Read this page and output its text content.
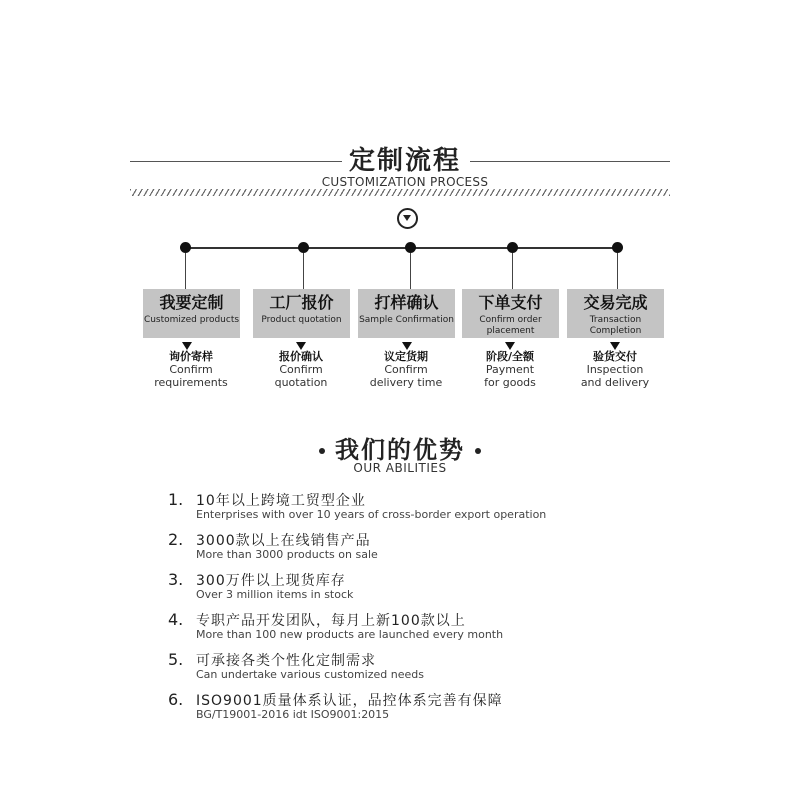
定制流程
CUSTOMIZATION PROCESS
我要定制
Customized products
询价寄样
Confirm
requirements
工厂报价
Product quotation
报价确认
Confirm
quotation
打样确认
Sample Confirmation
议定货期
Confirm
delivery time
下单支付
Confirm order placement
阶段/全额
Payment
for goods
交易完成
Transaction Completion
验货交付
Inspection
and delivery
我们的优势
OUR ABILITIES
1. 10年以上跨境工贸型企业
Enterprises with over 10 years of cross-border export operation
2. 3000款以上在线销售产品
More than 3000 products on sale
3. 300万件以上现货库存
Over 3 million items in stock
4. 专职产品开发团队，每月上新100款以上
More than 100 new products are launched every month
5. 可承接各类个性化定制需求
Can undertake various customized needs
6. ISO9001质量体系认证，品控体系完善有保障
BG/T19001-2016 idt ISO9001:2015
